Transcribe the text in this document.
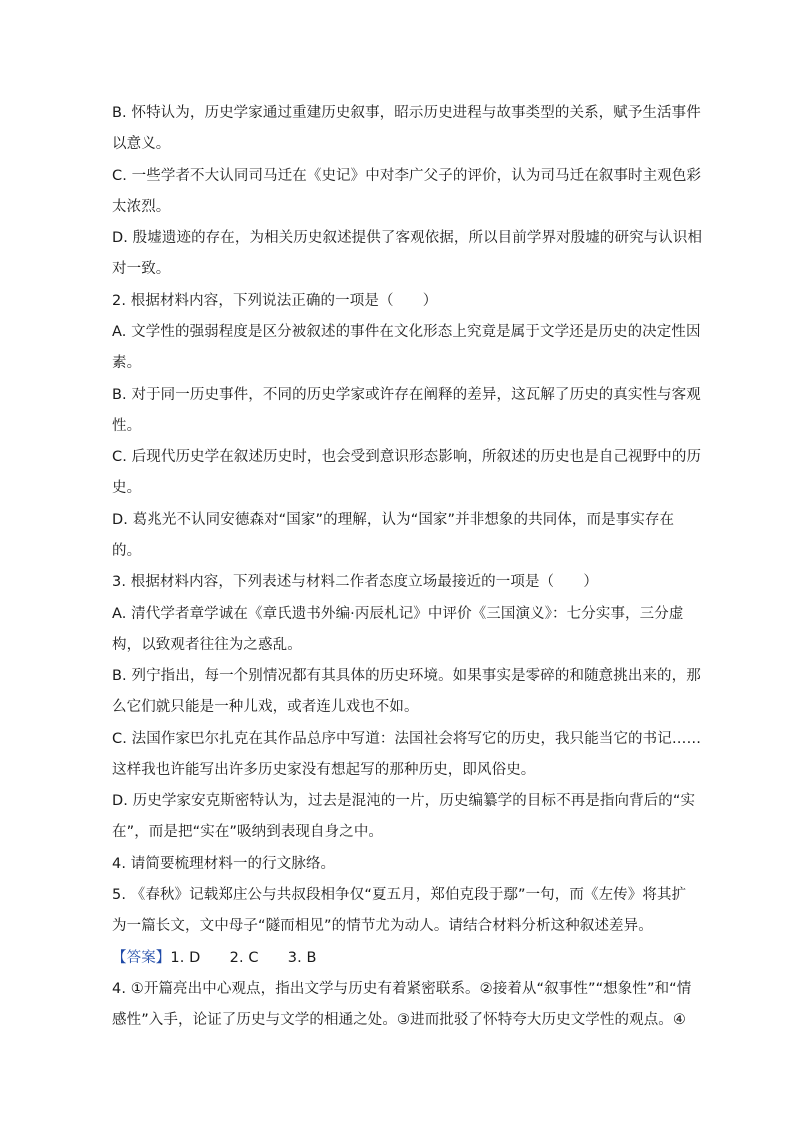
B. 怀特认为，历史学家通过重建历史叙事，昭示历史进程与故事类型的关系，赋予生活事件
以意义。
C. 一些学者不大认同司马迁在《史记》中对李广父子的评价，认为司马迁在叙事时主观色彩
太浓烈。
D. 殷墟遗迹的存在，为相关历史叙述提供了客观依据，所以目前学界对殷墟的研究与认识相
对一致。
2. 根据材料内容，下列说法正确的一项是（　　）
A. 文学性的强弱程度是区分被叙述的事件在文化形态上究竟是属于文学还是历史的决定性因
素。
B. 对于同一历史事件，不同的历史学家或许存在阐释的差异，这瓦解了历史的真实性与客观
性。
C. 后现代历史学在叙述历史时，也会受到意识形态影响，所叙述的历史也是自己视野中的历
史。
D. 葛兆光不认同安德森对“国家”的理解，认为“国家”并非想象的共同体，而是事实存在
的。
3. 根据材料内容，下列表述与材料二作者态度立场最接近的一项是（　　）
A. 清代学者章学诚在《章氏遗书外编·丙辰札记》中评价《三国演义》：七分实事，三分虚
构，以致观者往往为之惑乱。
B. 列宁指出，每一个别情况都有其具体的历史环境。如果事实是零碎的和随意挑出来的，那
么它们就只能是一种儿戏，或者连儿戏也不如。
C. 法国作家巴尔扎克在其作品总序中写道：法国社会将写它的历史，我只能当它的书记……
这样我也许能写出许多历史家没有想起写的那种历史，即风俗史。
D. 历史学家安克斯密特认为，过去是混沌的一片，历史编纂学的目标不再是指向背后的“实
在”，而是把“实在”吸纳到表现自身之中。
4. 请简要梳理材料一的行文脉络。
5. 《春秋》记载郑庄公与共叔段相争仅“夏五月，郑伯克段于鄢”一句，而《左传》将其扩
为一篇长文，文中母子“隧而相见”的情节尤为动人。请结合材料分析这种叙述差异。
【答案】1. D　　2. C　　3. B
4. ①开篇亮出中心观点，指出文学与历史有着紧密联系。②接着从“叙事性”“想象性”和“情
感性”入手，论证了历史与文学的相通之处。③进而批驳了怀特夸大历史文学性的观点。④
